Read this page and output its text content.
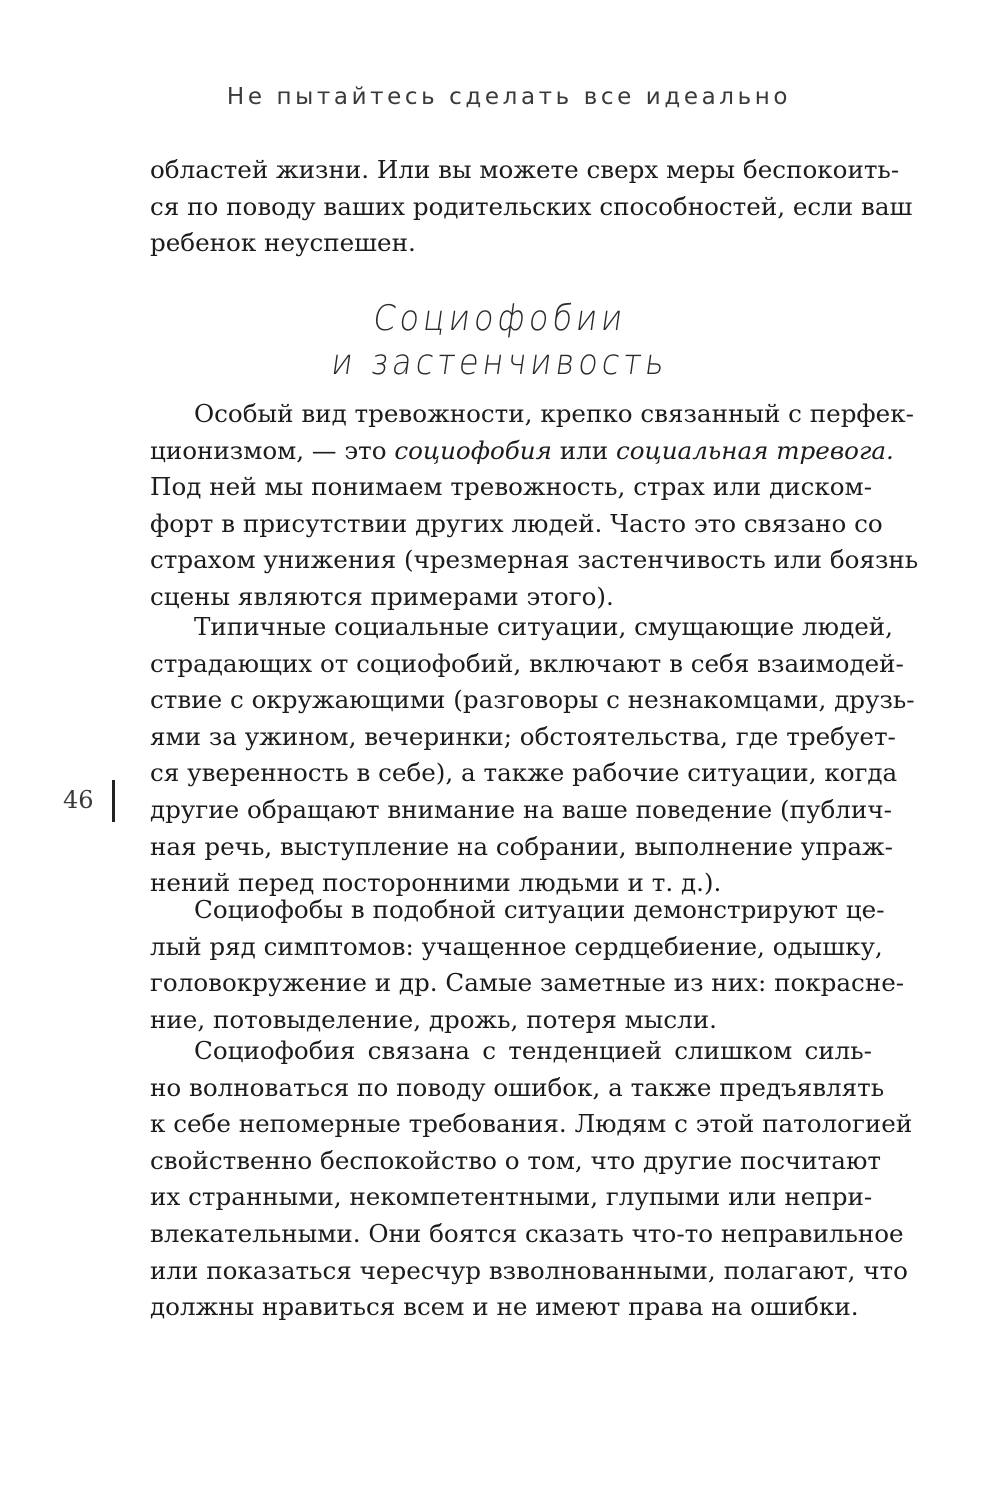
Не пытайтесь сделать все идеально
областей жизни. Или вы можете сверх меры беспокоить-
ся по поводу ваших родительских способностей, если ваш
ребенок неуспешен.
Социофобии
и застенчивость
Особый вид тревожности, крепко связанный с перфек-
ционизмом, — это социофобия или социальная тревога.
Под ней мы понимаем тревожность, страх или диском-
форт в присутствии других людей. Часто это связано со
страхом унижения (чрезмерная застенчивость или боязнь
сцены являются примерами этого).
Типичные социальные ситуации, смущающие людей,
страдающих от социофобий, включают в себя взаимодей-
ствие с окружающими (разговоры с незнакомцами, друзь-
ями за ужином, вечеринки; обстоятельства, где требует-
ся уверенность в себе), а также рабочие ситуации, когда
другие обращают внимание на ваше поведение (публич-
ная речь, выступление на собрании, выполнение упраж-
нений перед посторонними людьми и т. д.).
46
Социофобы в подобной ситуации демонстрируют це-
лый ряд симптомов: учащенное сердцебиение, одышку,
головокружение и др. Самые заметные из них: покрасне-
ние, потовыделение, дрожь, потеря мысли.
Социофобия связана с тенденцией слишком силь-
но волноваться по поводу ошибок, а также предъявлять
к себе непомерные требования. Людям с этой патологией
свойственно беспокойство о том, что другие посчитают
их странными, некомпетентными, глупыми или непри-
влекательными. Они боятся сказать что-то неправильное
или показаться чересчур взволнованными, полагают, что
должны нравиться всем и не имеют права на ошибки.
